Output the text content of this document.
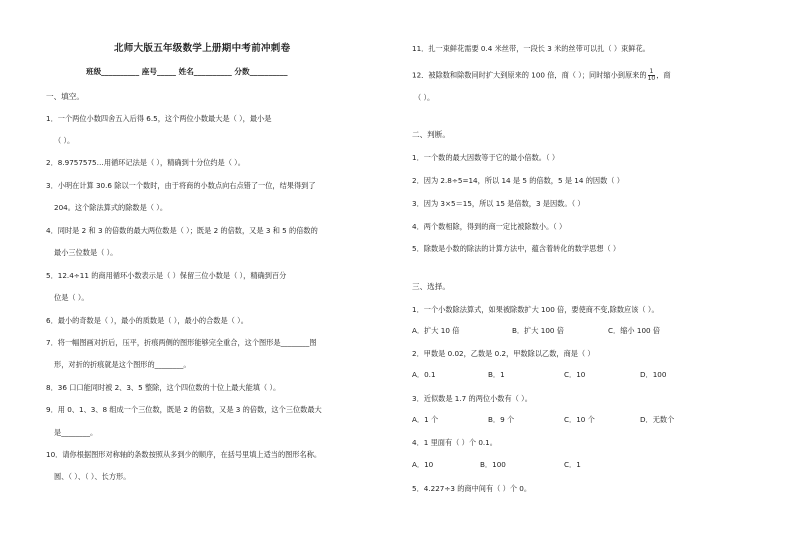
北师大版五年级数学上册期中考前冲刺卷
班级__________ 座号_____ 姓名__________ 分数__________
一、填空。
1．一个两位小数四舍五入后得 6.5，这个两位小数最大是（ ），最小是
（ ）。
2．8.9757575…用循环记法是（ ），精确到十分位约是（ ）。
3．小明在计算 30.6 除以一个数时，由于将商的小数点向右点错了一位，结果得到了
204。这个除法算式的除数是（ ）。
4．同时是 2 和 3 的倍数的最大两位数是（ ）；既是 2 的倍数，又是 3 和 5 的倍数的
最小三位数是（ ）。
5．12.4÷11 的商用循环小数表示是（ ）保留三位小数是（ ），精确到百分
位是（ ）。
6．最小的奇数是（ ），最小的质数是（ ），最小的合数是（ ）。
7．将一幅图画对折后，压平，折痕两侧的图形能够完全重合，这个图形是________图
形，对折的折痕就是这个图形的________。
8．36 口口能同时被 2、3、5 整除，这个四位数的十位上最大能填（ ）。
9．用 0、1、3、8 组成一个三位数，既是 2 的倍数，又是 3 的倍数，这个三位数最大
是________。
10．请你根据图形对称轴的条数按照从多到少的顺序，在括号里填上适当的图形名称。
圆、（ ）、（ ）、长方形。
11．扎一束鲜花需要 0.4 米丝带，一段长 3 米的丝带可以扎（ ）束鲜花。
12．被除数和除数同时扩大到原来的 100 倍，商（ ）；同时缩小到原来的 $\frac{1}{10}$ ，商
（ ）。
二、判断。
1．一个数的最大因数等于它的最小倍数。（ ）
2．因为 2.8÷5=14，所以 14 是 5 的倍数，5 是 14 的因数（ ）
3．因为 3×5＝15，所以 15 是倍数，3 是因数。（ ）
4．两个数相除，得到的商一定比被除数小。（ ）
5．除数是小数的除法的计算方法中，蕴含着转化的数学思想（ ）
三、选择。
1．一个小数除法算式，如果被除数扩大 100 倍，要使商不变,除数应该（ ）。
A．扩大 10 倍	B．扩大 100 倍	C．缩小 100 倍
2．甲数是 0.02，乙数是 0.2，甲数除以乙数，商是（ ）
A．0.1	B．1	C．10	D．100
3．近似数是 1.7 的两位小数有（ ）。
A．1 个	B．9 个	C．10 个	D．无数个
4．1 里面有（ ）个 0.1。
A．10	B．100	C．1
5．4.227÷3 的商中间有（ ）个 0。
